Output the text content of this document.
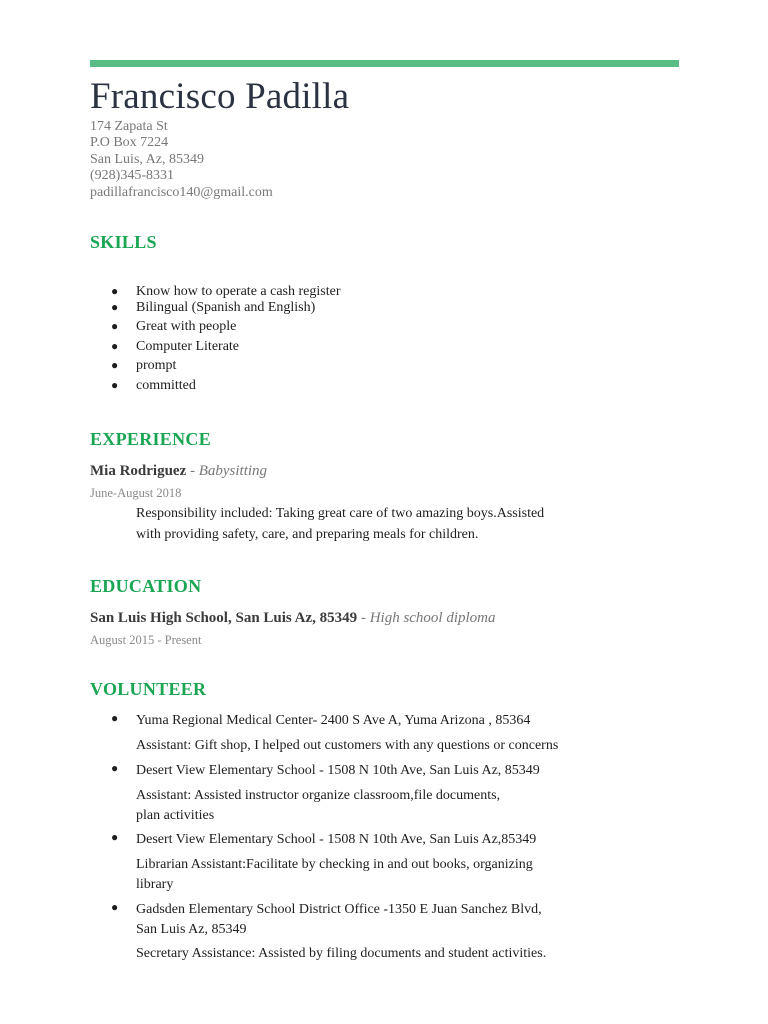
Francisco Padilla
174 Zapata St
P.O Box 7224
San Luis, Az, 85349
(928)345-8331
padillafrancisco140@gmail.com
SKILLS
● Know how to operate a cash register
● Bilingual (Spanish and English)
● Great with people
● Computer Literate
● prompt
● committed
EXPERIENCE
Mia Rodriguez - Babysitting
June-August 2018
Responsibility included: Taking great care of two amazing boys.Assisted with providing safety, care, and preparing meals for children.
EDUCATION
San Luis High School, San Luis Az, 85349 - High school diploma
August 2015 - Present
VOLUNTEER
● Yuma Regional Medical Center- 2400 S Ave A, Yuma Arizona , 85364
Assistant: Gift shop, I helped out customers with any questions or concerns
● Desert View Elementary School - 1508 N 10th Ave, San Luis Az, 85349
Assistant: Assisted instructor organize classroom,file documents, plan activities
● Desert View Elementary School - 1508 N 10th Ave, San Luis Az,85349
Librarian Assistant:Facilitate by checking in and out books, organizing library
● Gadsden Elementary School District Office -1350 E Juan Sanchez Blvd, San Luis Az, 85349
Secretary Assistance: Assisted by filing documents and student activities.
